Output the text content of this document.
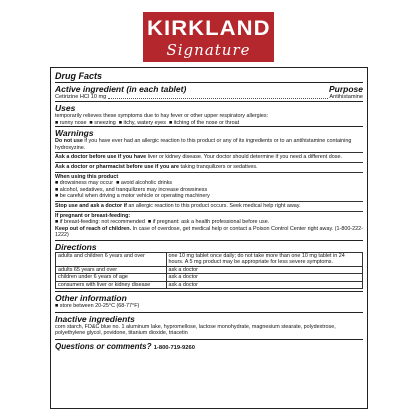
KIRKLAND
Signature
Drug Facts
Active ingredient (in each tablet)	Purpose
Cetirizine HCl 10 mg	Antihistamine
Uses
temporarily relieves these symptoms due to hay fever or other upper respiratory allergies:
■ runny nose  ■ sneezing  ■ itchy, watery eyes  ■ itching of the nose or throat
Warnings
Do not use if you have ever had an allergic reaction to this product or any of its ingredients or to an antihistamine containing hydroxyzine.
Ask a doctor before use if you have liver or kidney disease. Your doctor should determine if you need a different dose.
Ask a doctor or pharmacist before use if you are taking tranquilizers or sedatives.
When using this product
■ drowsiness may occur  ■ avoid alcoholic drinks
■ alcohol, sedatives, and tranquilizers may increase drowsiness
■ be careful when driving a motor vehicle or operating machinery
Stop use and ask a doctor if an allergic reaction to this product occurs. Seek medical help right away.
If pregnant or breast-feeding:
■ if breast-feeding: not recommended  ■ if pregnant: ask a health professional before use.
Keep out of reach of children. In case of overdose, get medical help or contact a Poison Control Center right away. (1-800-222-1222)
Directions
adults and children 6 years and over	one 10 mg tablet once daily; do not take more than one 10 mg tablet in 24 hours. A 5 mg product may be appropriate for less severe symptoms.
adults 65 years and over	ask a doctor
children under 6 years of age	ask a doctor
consumers with liver or kidney disease	ask a doctor
Other information
■ store between 20-25°C (68-77°F)
Inactive ingredients
corn starch, FD&C blue no. 1 aluminum lake, hypromellose, lactose monohydrate, magnesium stearate, polydextrose, polyethylene glycol, povidone, titanium dioxide, triacetin
Questions or comments? 1-800-719-9260
